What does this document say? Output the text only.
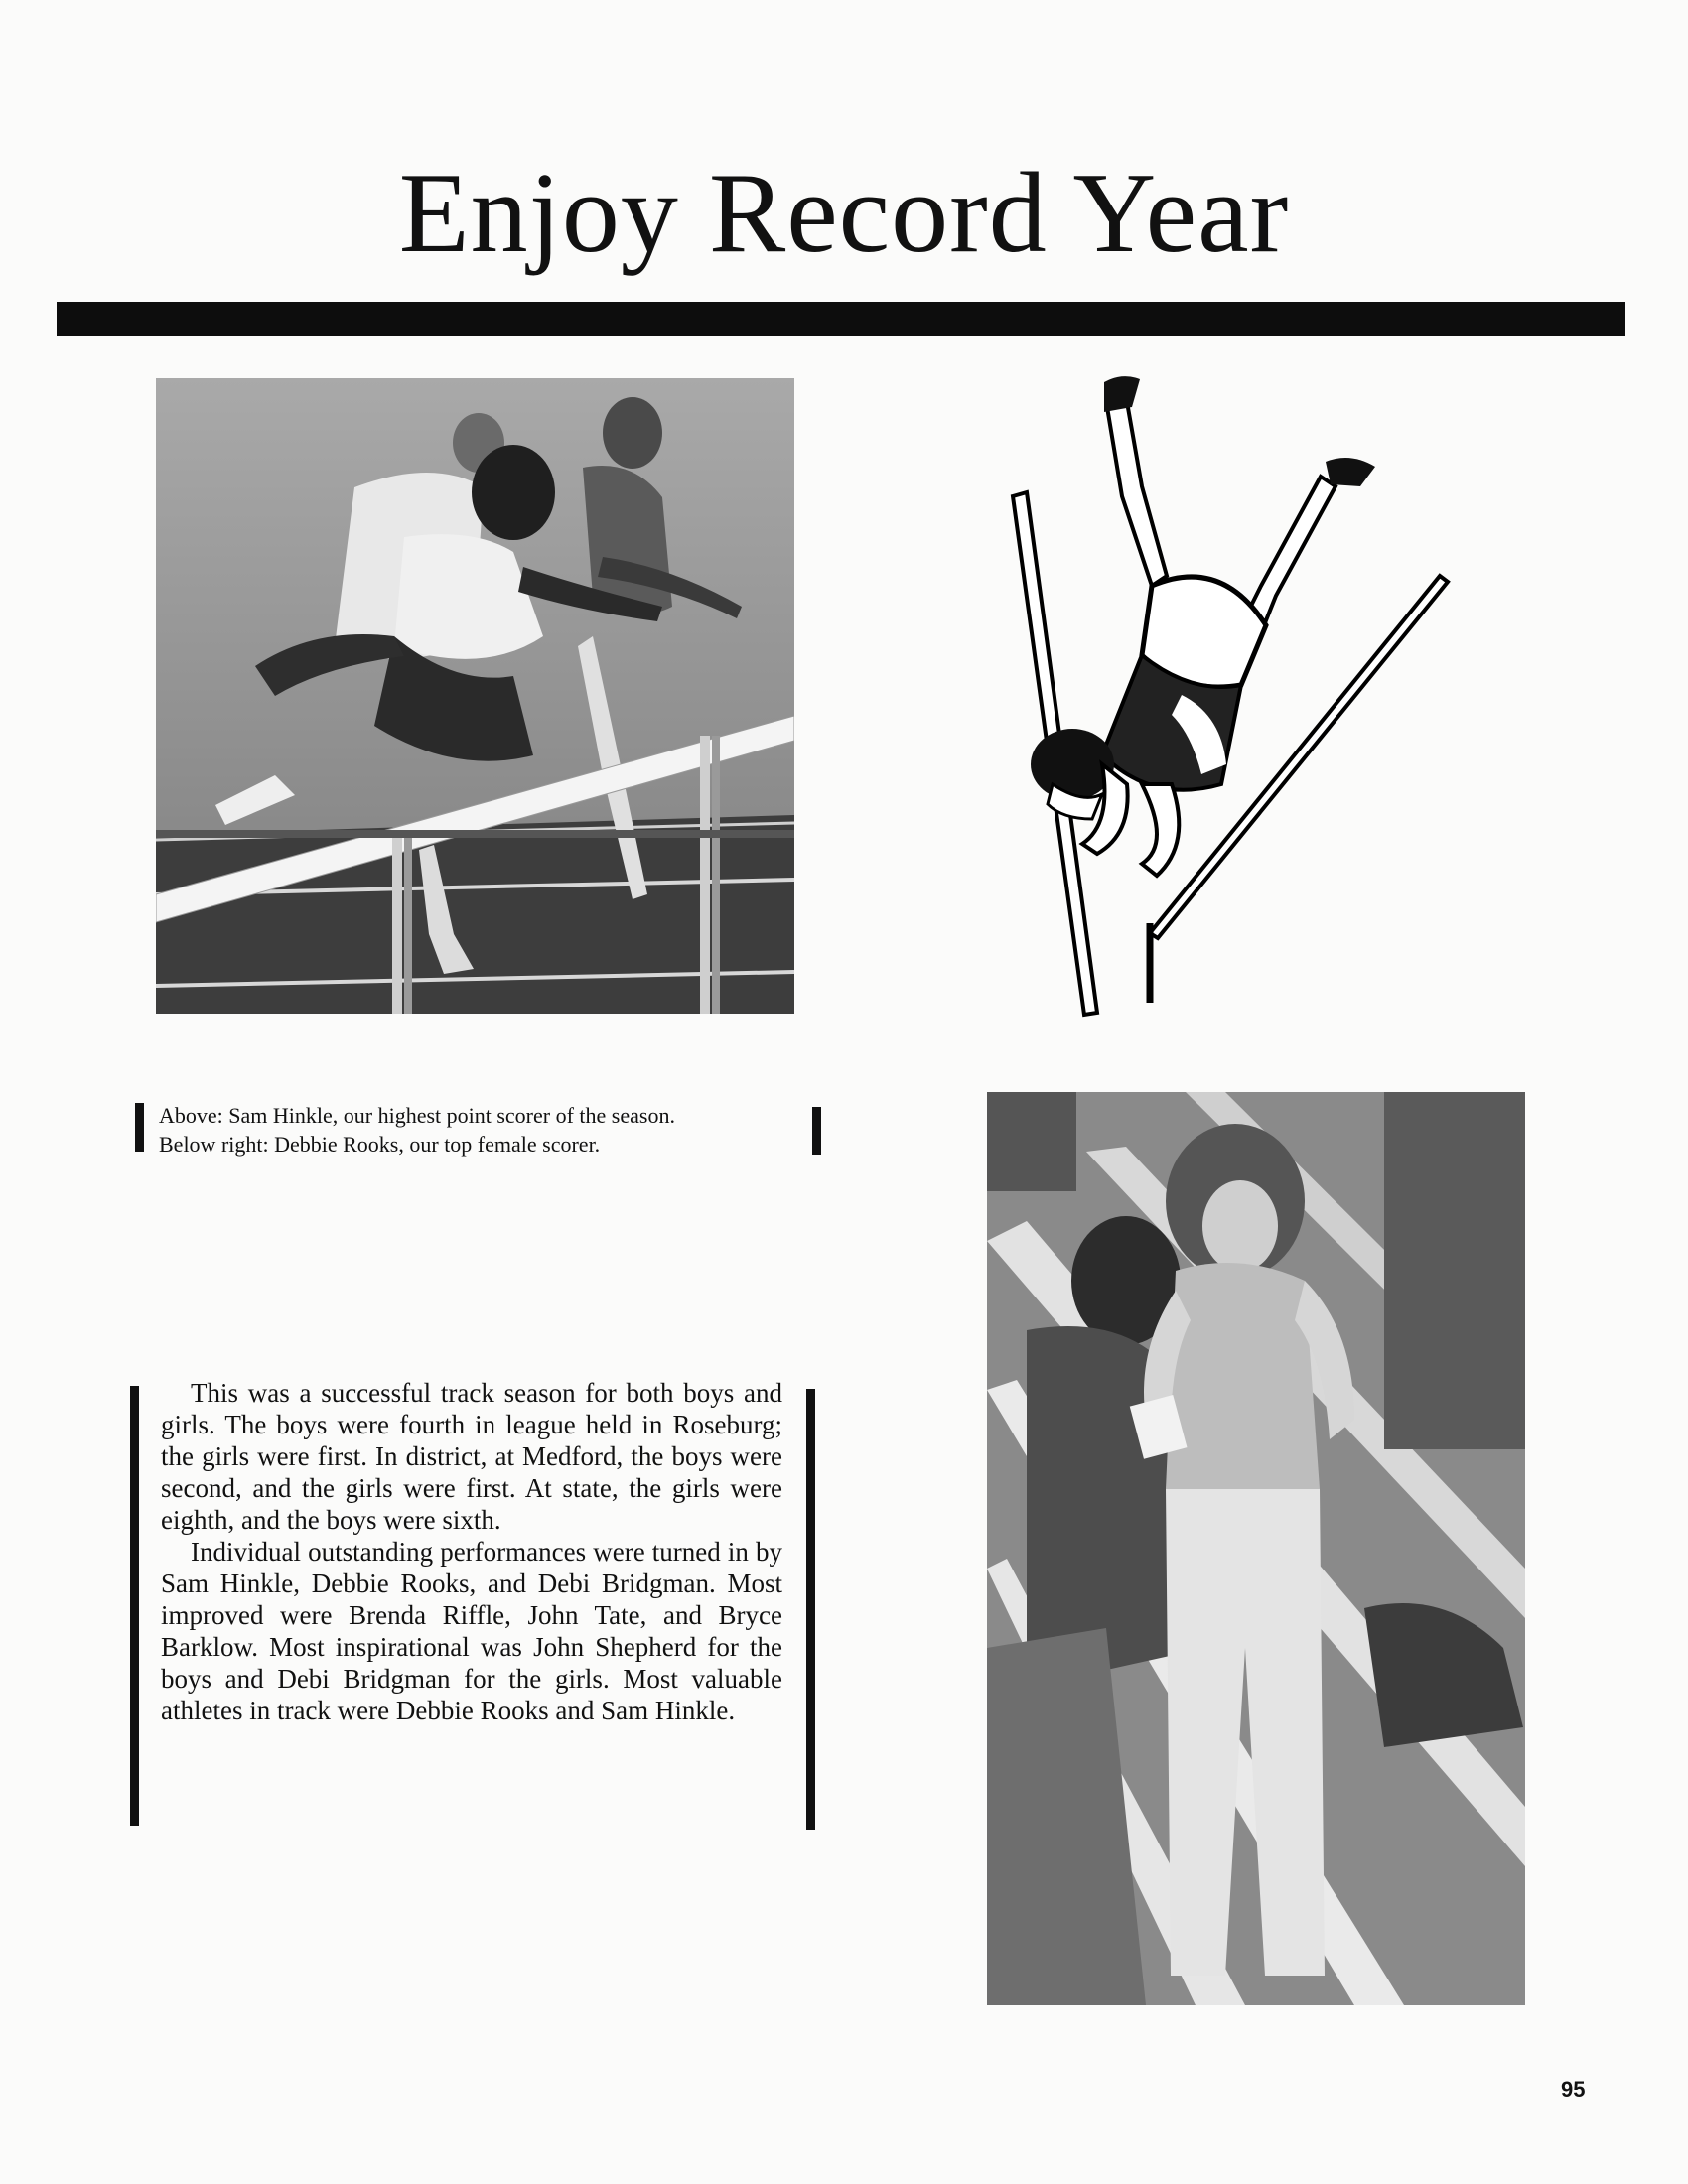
Enjoy Record Year
Above: Sam Hinkle, our highest point scorer of the season.
Below right: Debbie Rooks, our top female scorer.

This was a successful track season for both boys and girls. The boys were fourth in league held in Roseburg; the girls were first. In district, at Medford, the boys were second, and the girls were first. At state, the girls were eighth, and the boys were sixth.

Individual outstanding performances were turned in by Sam Hinkle, Debbie Rooks, and Debi Bridgman. Most improved were Brenda Riffle, John Tate, and Bryce Barklow. Most inspirational was John Shepherd for the boys and Debi Bridgman for the girls. Most valuable athletes in track were Debbie Rooks and Sam Hinkle.

95
